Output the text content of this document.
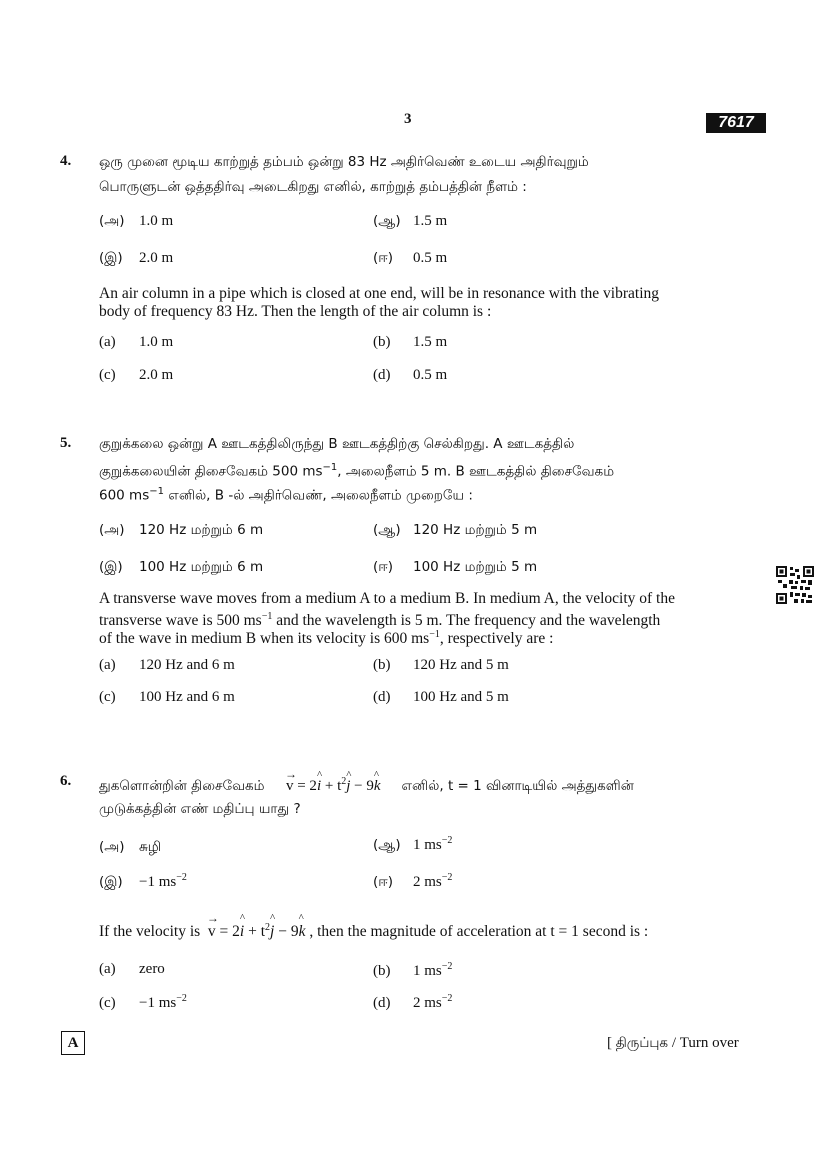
3	7617
4. ஒரு முனை மூடிய காற்றுத் தம்பம் ஒன்று 83 Hz அதிர்வெண் உடைய அதிர்வுறும்
பொருளுடன் ஒத்ததிர்வு அடைகிறது எனில், காற்றுத் தம்பத்தின் நீளம் :
(அ) 1.0 m	(ஆ) 1.5 m
(இ) 2.0 m	(ஈ) 0.5 m
An air column in a pipe which is closed at one end, will be in resonance with the vibrating
body of frequency 83 Hz. Then the length of the air column is :
(a) 1.0 m	(b) 1.5 m
(c) 2.0 m	(d) 0.5 m
5. குறுக்கலை ஒன்று A ஊடகத்திலிருந்து B ஊடகத்திற்கு செல்கிறது. A ஊடகத்தில்
குறுக்கலையின் திசைவேகம் 500 $ms^{-1}$, அலைநீளம் 5 m. B ஊடகத்தில் திசைவேகம்
600 $ms^{-1}$ எனில், B -ல் அதிர்வெண், அலைநீளம் முறையே :
(அ) 120 Hz மற்றும் 6 m	(ஆ) 120 Hz மற்றும் 5 m
(இ) 100 Hz மற்றும் 6 m	(ஈ) 100 Hz மற்றும் 5 m
A transverse wave moves from a medium A to a medium B. In medium A, the velocity of the
transverse wave is 500 $ms^{-1}$ and the wavelength is 5 m. The frequency and the wavelength
of the wave in medium B when its velocity is 600 $ms^{-1}$, respectively are :
(a) 120 Hz and 6 m	(b) 120 Hz and 5 m
(c) 100 Hz and 6 m	(d) 100 Hz and 5 m
6. துகளொன்றின் திசைவேகம்
→
v = 2^ $i + t^2\^{}$ j − 9^ k எனில், t = 1 வினாடியில் அத்துகளின்
முடுக்கத்தின் எண் மதிப்பு யாது ?
(அ) சுழி	(ஆ) 1 $ms^{-2}$
(இ) −1 $ms^{-2}$	(ஈ) 2 $ms^{-2}$
If the velocity is
→
v = 2^ $i + t^2\^{}$ j − 9^ k , then the magnitude of acceleration at t = 1 second is :
(a) zero	(b) 1 $ms^{-2}$
(c) −1 $ms^{-2}$	(d) 2 $ms^{-2}$
A	[ திருப்புக / Turn over
